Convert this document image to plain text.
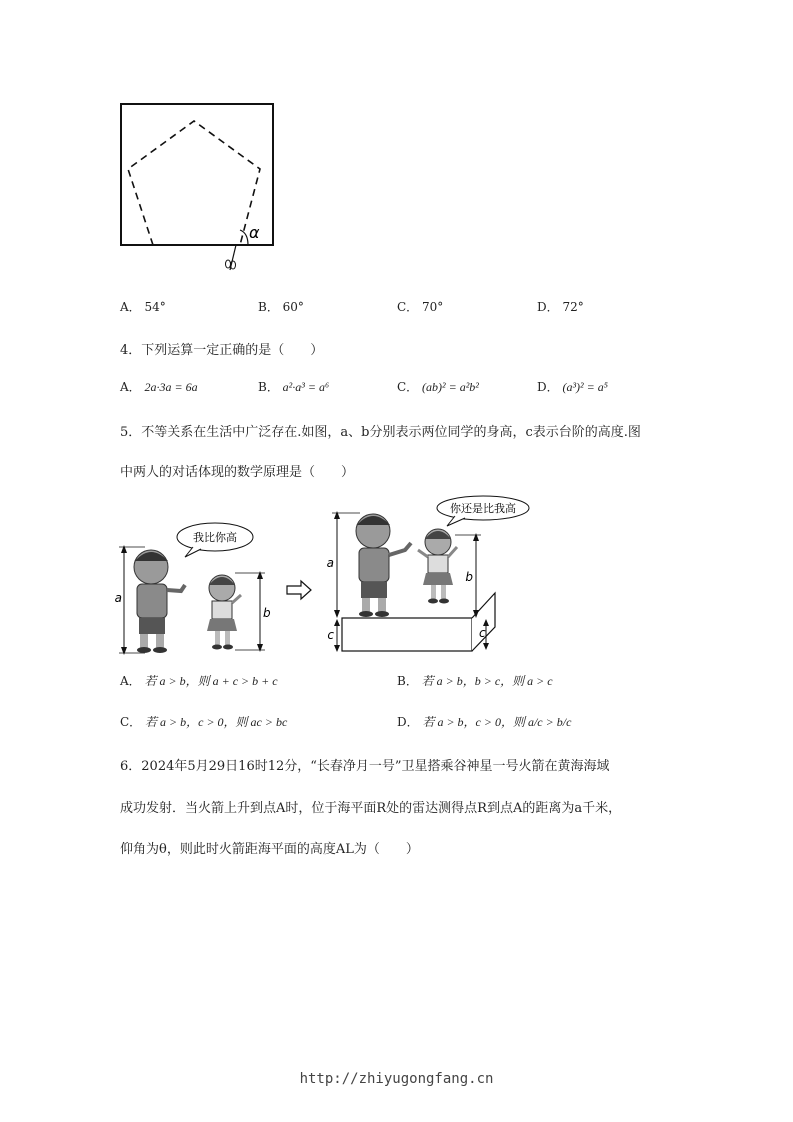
α
A． 54°	B． 60°	C． 70°	D． 72°
4．下列运算一定正确的是（　　）
A． 2a·3a = 6a	B． a²·a³ = a⁶	C． (ab)² = a²b²	D． (a³)² = a⁵
5．不等关系在生活中广泛存在.如图，a、b分别表示两位同学的身高，c表示台阶的高度.图
中两人的对话体现的数学原理是（　　）
a
我比你高
b
a
c
你还是比我高
b
c
A． 若 a > b，则 a + c > b + c	B． 若 a > b，b > c，则 a > c
C． 若 a > b，c > 0，则 ac > bc	D． 若 a > b，c > 0，则 a/c > b/c
6．2024年5月29日16时12分，“长春净月一号”卫星搭乘谷神星一号火箭在黄海海域
成功发射．当火箭上升到点A时，位于海平面R处的雷达测得点R到点A的距离为a千米，
仰角为θ，则此时火箭距海平面的高度AL为（　　）
http://zhiyugongfang.cn
